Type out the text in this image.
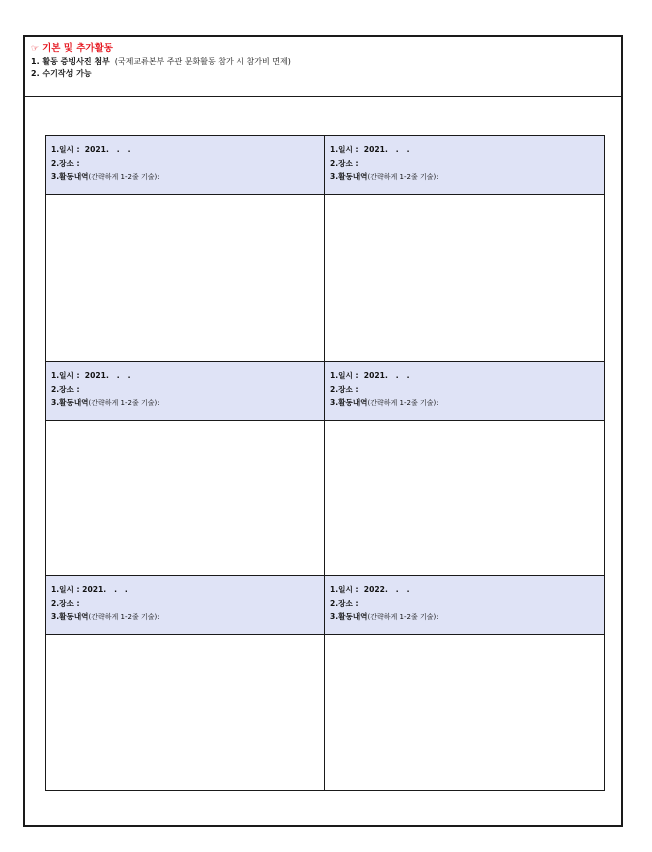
☞ 기본 및 추가활동
1. 활동 증빙사진 첨부 (국제교류본부 주관 문화활동 참가 시 참가비 면제)
2. 수기작성 가능
1.일시 :  2021.   .   .
2.장소 :
3.활동내역(간략하게 1-2줄 기술):
1.일시 :  2021.   .   .
2.장소 :
3.활동내역(간략하게 1-2줄 기술):
1.일시 :  2021.   .   .
2.장소 :
3.활동내역(간략하게 1-2줄 기술):
1.일시 :  2021.   .   .
2.장소 :
3.활동내역(간략하게 1-2줄 기술):
1.일시 : 2021.   .   .
2.장소 :
3.활동내역(간략하게 1-2줄 기술):
1.일시 :  2022.   .   .
2.장소 :
3.활동내역(간략하게 1-2줄 기술):
